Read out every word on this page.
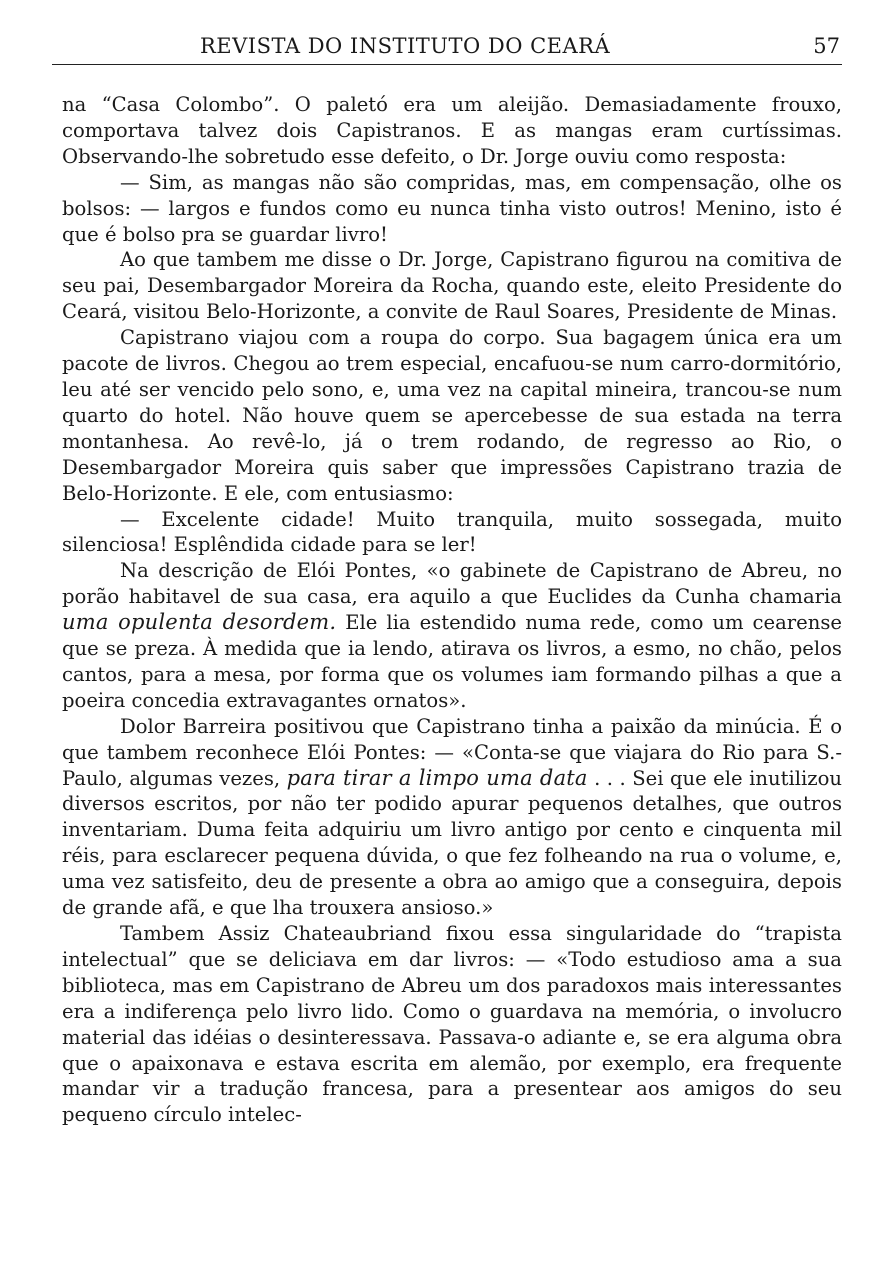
REVISTA DO INSTITUTO DO CEARÁ	57

na “Casa Colombo”. O paletó era um aleijão. Demasiadamente frouxo, comportava talvez dois Capistranos. E as mangas eram curtíssimas. Observando-lhe sobretudo esse defeito, o Dr. Jorge ouviu como resposta:

— Sim, as mangas não são compridas, mas, em compensação, olhe os bolsos: — largos e fundos como eu nunca tinha visto outros! Menino, isto é que é bolso pra se guardar livro!

Ao que tambem me disse o Dr. Jorge, Capistrano figurou na comitiva de seu pai, Desembargador Moreira da Rocha, quando este, eleito Presidente do Ceará, visitou Belo-Horizonte, a convite de Raul Soares, Presidente de Minas.

Capistrano viajou com a roupa do corpo. Sua bagagem única era um pacote de livros. Chegou ao trem especial, encafuou-se num carro-dormitório, leu até ser vencido pelo sono, e, uma vez na capital mineira, trancou-se num quarto do hotel. Não houve quem se apercebesse de sua estada na terra montanhesa. Ao revê-lo, já o trem rodando, de regresso ao Rio, o Desembargador Moreira quis saber que impressões Capistrano trazia de Belo-Horizonte. E ele, com entusiasmo:

— Excelente cidade! Muito tranquila, muito sossegada, muito silenciosa! Esplêndida cidade para se ler!

Na descrição de Elói Pontes, «o gabinete de Capistrano de Abreu, no porão habitavel de sua casa, era aquilo a que Euclides da Cunha chamaria uma opulenta desordem. Ele lia estendido numa rede, como um cearense que se preza. À medida que ia lendo, atirava os livros, a esmo, no chão, pelos cantos, para a mesa, por forma que os volumes iam formando pilhas a que a poeira concedia extravagantes ornatos».

Dolor Barreira positivou que Capistrano tinha a paixão da minúcia. É o que tambem reconhece Elói Pontes: — «Conta-se que viajara do Rio para S.-Paulo, algumas vezes, para tirar a limpo uma data . . . Sei que ele inutilizou diversos escritos, por não ter podido apurar pequenos detalhes, que outros inventariam. Duma feita adquiriu um livro antigo por cento e cinquenta mil réis, para esclarecer pequena dúvida, o que fez folheando na rua o volume, e, uma vez satisfeito, deu de presente a obra ao amigo que a conseguira, depois de grande afã, e que lha trouxera ansioso.»

Tambem Assiz Chateaubriand fixou essa singularidade do “trapista intelectual” que se deliciava em dar livros: — «Todo estudioso ama a sua biblioteca, mas em Capistrano de Abreu um dos paradoxos mais interessantes era a indiferença pelo livro lido. Como o guardava na memória, o involucro material das idéias o desinteressava. Passava-o adiante e, se era alguma obra que o apaixonava e estava escrita em alemão, por exemplo, era frequente mandar vir a tradução francesa, para a presentear aos amigos do seu pequeno círculo intelec-
